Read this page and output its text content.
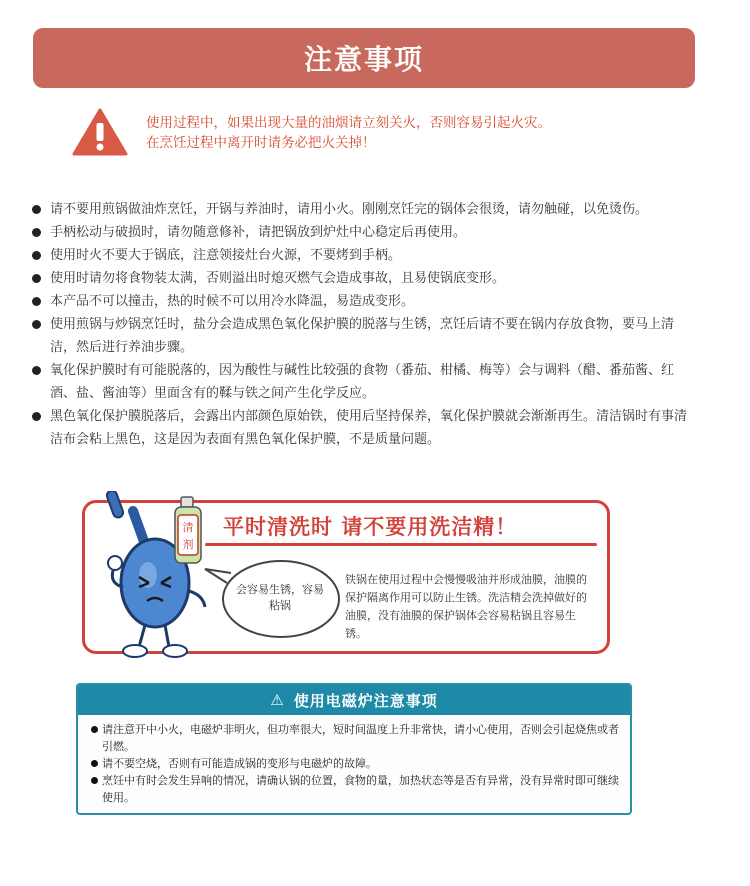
注意事项
使用过程中，如果出现大量的油烟请立刻关火，否则容易引起火灾。
在烹饪过程中离开时请务必把火关掉！
请不要用煎锅做油炸烹饪，开锅与养油时，请用小火。刚刚烹饪完的锅体会很烫，请勿触碰，以免烫伤。
手柄松动与破损时，请勿随意修补，请把锅放到炉灶中心稳定后再使用。
使用时火不要大于锅底，注意领接灶台火源，不要烤到手柄。
使用时请勿将食物装太满，否则溢出时熄灭燃气会造成事故，且易使锅底变形。
本产品不可以撞击，热的时候不可以用冷水降温，易造成变形。
使用煎锅与炒锅烹饪时，盐分会造成黑色氧化保护膜的脱落与生锈，烹饪后请不要在锅内存放食物，要马上清洁，然后进行养油步骤。
氧化保护膜时有可能脱落的，因为酸性与碱性比较强的食物（番茄、柑橘、梅等）会与调料（醋、番茄酱、红酒、盐、酱油等）里面含有的鞣与铁之间产生化学反应。
黑色氧化保护膜脱落后，会露出内部颜色原始铁，使用后坚持保养，氧化保护膜就会渐渐再生。清洁锅时有事清洁布会粘上黑色，这是因为表面有黑色氧化保护膜，不是质量问题。
平时清洗时 请不要用洗洁精！
清
剂
会容易生锈，容易粘锅
铁锅在使用过程中会慢慢吸油并形成油膜，油膜的保护隔离作用可以防止生锈。洗洁精会洗掉做好的油膜，没有油膜的保护锅体会容易粘锅且容易生锈。
⚠ 使用电磁炉注意事项
请注意开中小火，电磁炉非明火，但功率很大，短时间温度上升非常快，请小心使用，否则会引起烧焦或者引燃。
请不要空烧，否则有可能造成锅的变形与电磁炉的故障。
烹饪中有时会发生异响的情况，请确认锅的位置，食物的量，加热状态等是否有异常，没有异常时即可继续使用。
